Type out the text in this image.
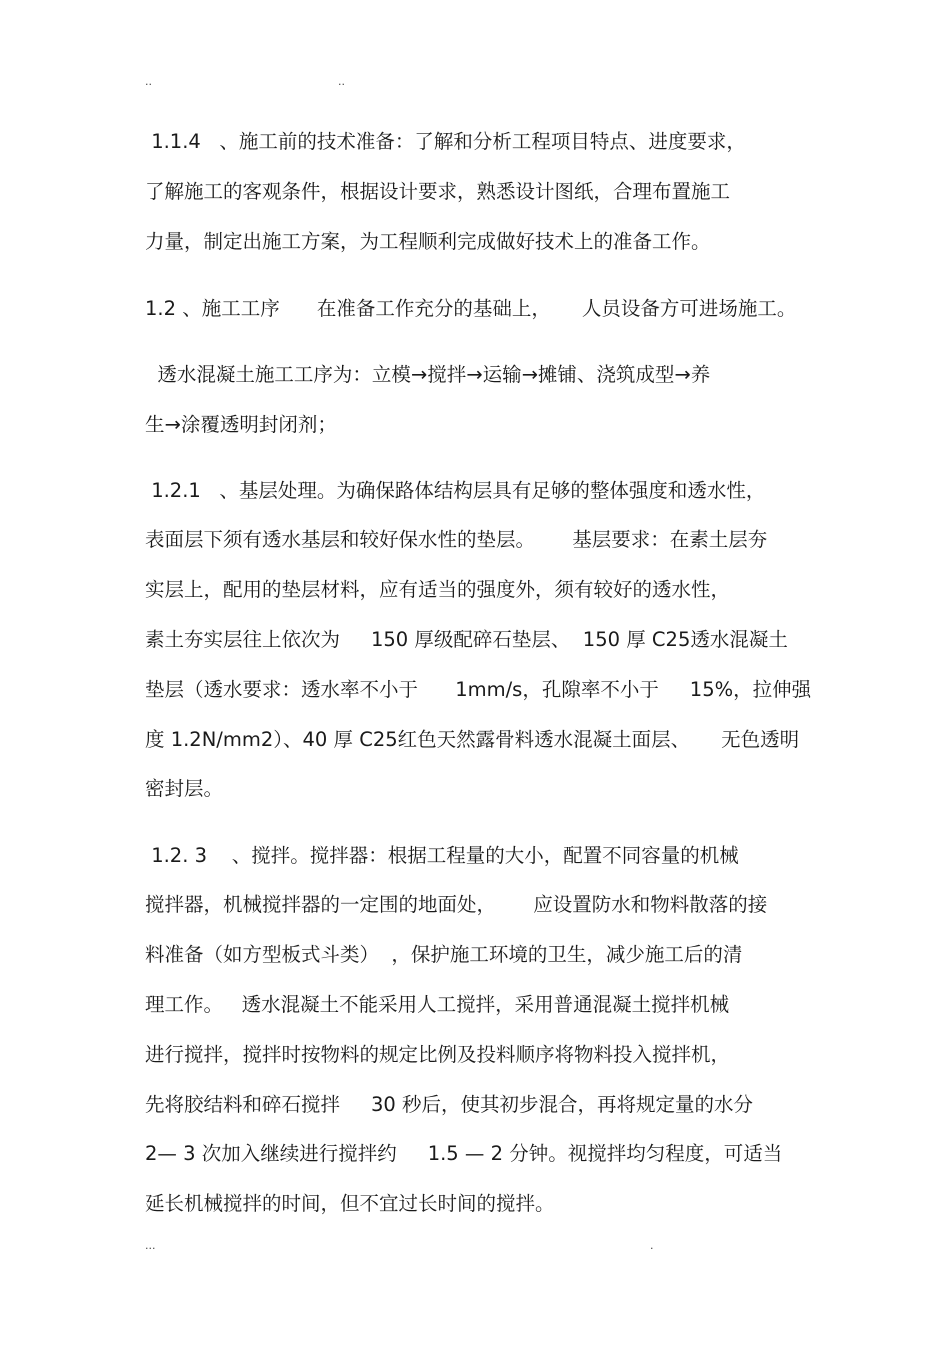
..	..
1.1.4   、施工前的技术准备：了解和分析工程项目特点、进度要求，
了解施工的客观条件，根据设计要求，熟悉设计图纸，合理布置施工
力量，制定出施工方案，为工程顺利完成做好技术上的准备工作。
1.2 、施工工序      在准备工作充分的基础上，     人员设备方可进场施工。
透水混凝土施工工序为：立模→搅拌→运输→摊铺、浇筑成型→养
生→涂覆透明封闭剂；
1.2.1   、基层处理。为确保路体结构层具有足够的整体强度和透水性，
表面层下须有透水基层和较好保水性的垫层。      基层要求：在素土层夯
实层上，配用的垫层材料，应有适当的强度外，须有较好的透水性，
素土夯实层往上依次为     150 厚级配碎石垫层、  150 厚 C25透水混凝土
垫层（透水要求：透水率不小于      1mm/s，孔隙率不小于     15%，拉伸强
度 1.2N/mm2）、40 厚 C25红色天然露骨料透水混凝土面层、     无色透明
密封层。
1.2. 3    、搅拌。搅拌器：根据工程量的大小，配置不同容量的机械
搅拌器，机械搅拌器的一定围的地面处，      应设置防水和物料散落的接
料准备（如方型板式斗类）  ，保护施工环境的卫生，减少施工后的清
理工作。   透水混凝土不能采用人工搅拌，采用普通混凝土搅拌机械
进行搅拌，搅拌时按物料的规定比例及投料顺序将物料投入搅拌机，
先将胶结料和碎石搅拌     30 秒后，使其初步混合，再将规定量的水分
2— 3 次加入继续进行搅拌约     1.5 — 2 分钟。视搅拌均匀程度，可适当
延长机械搅拌的时间，但不宜过长时间的搅拌。
...	.
